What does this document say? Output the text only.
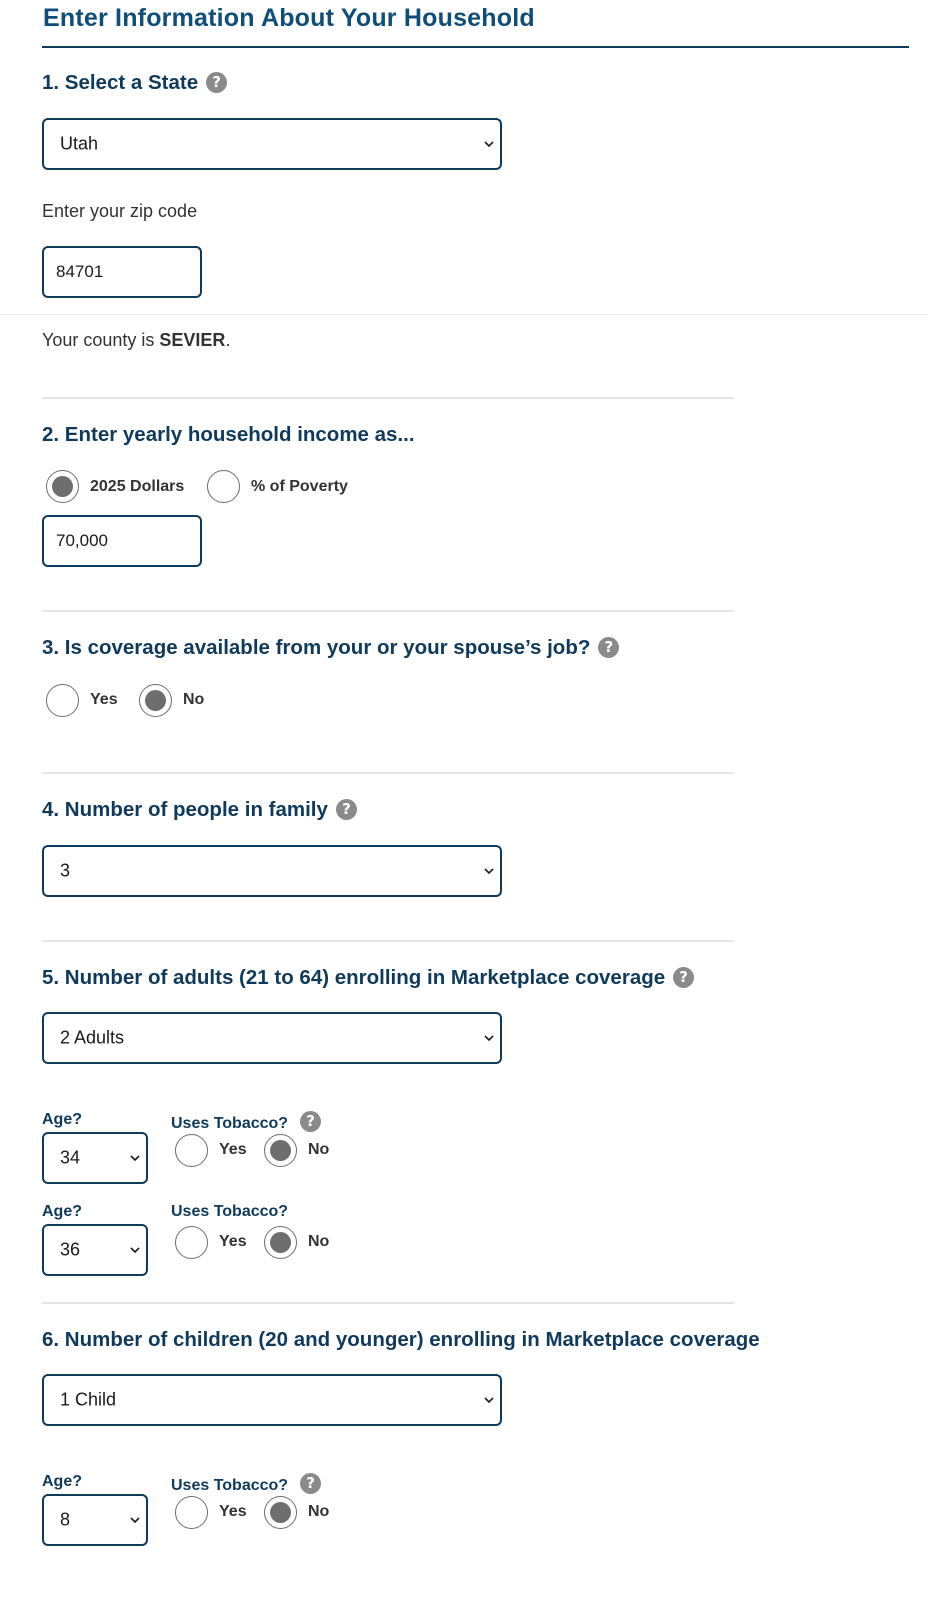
Enter Information About Your Household
1. Select a State ?
Utah
Enter your zip code
84701
Your county is SEVIER.
2. Enter yearly household income as...
2025 Dollars	% of Poverty
70,000
3. Is coverage available from your or your spouse’s job? ?
Yes	No
4. Number of people in family ?
3
5. Number of adults (21 to 64) enrolling in Marketplace coverage ?
2 Adults
Age?	Uses Tobacco? ?
34	Yes	No
Age?	Uses Tobacco?
36	Yes	No
6. Number of children (20 and younger) enrolling in Marketplace coverage
1 Child
Age?	Uses Tobacco? ?
8	Yes	No
